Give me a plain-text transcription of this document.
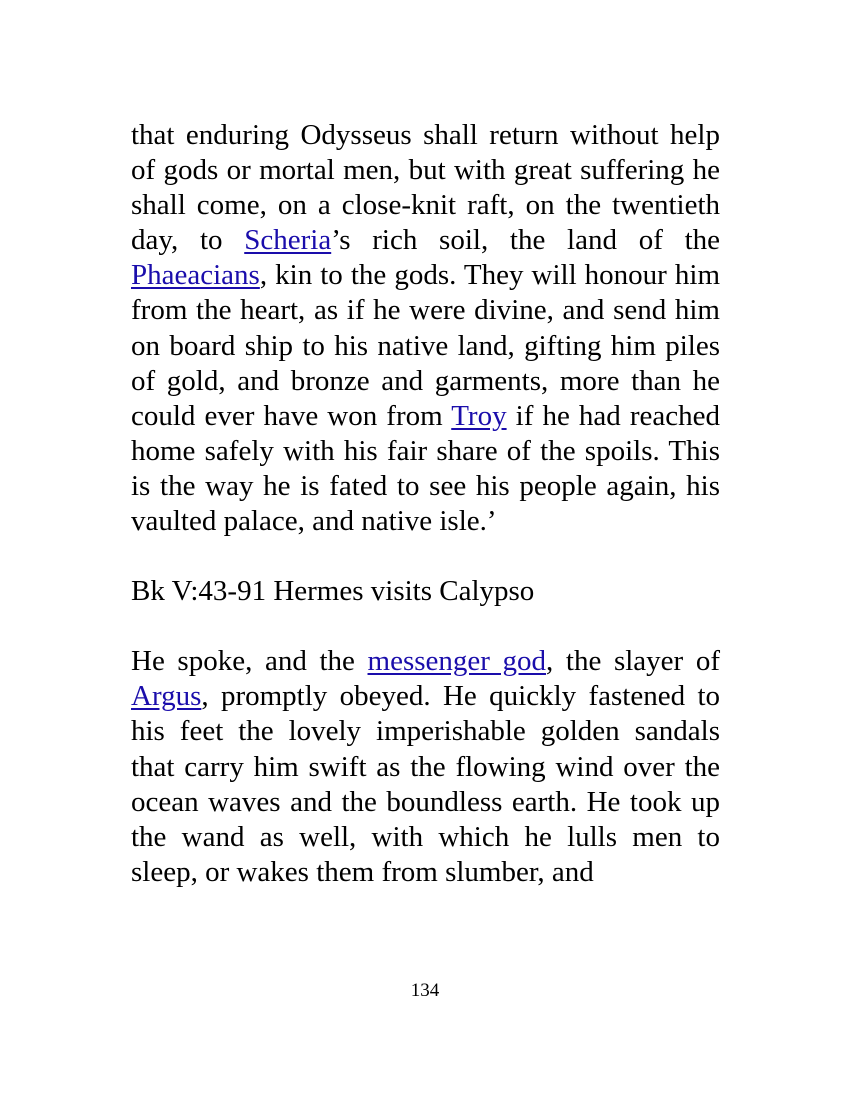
that enduring Odysseus shall return without help of gods or mortal men, but with great suffering he shall come, on a close-knit raft, on the twentieth day, to Scheria’s rich soil, the land of the Phaeacians, kin to the gods. They will honour him from the heart, as if he were divine, and send him on board ship to his native land, gifting him piles of gold, and bronze and garments, more than he could ever have won from Troy if he had reached home safely with his fair share of the spoils. This is the way he is fated to see his people again, his vaulted palace, and native isle.’

Bk V:43-91 Hermes visits Calypso

He spoke, and the messenger god, the slayer of Argus, promptly obeyed. He quickly fastened to his feet the lovely imperishable golden sandals that carry him swift as the flowing wind over the ocean waves and the boundless earth. He took up the wand as well, with which he lulls men to sleep, or wakes them from slumber, and

134
